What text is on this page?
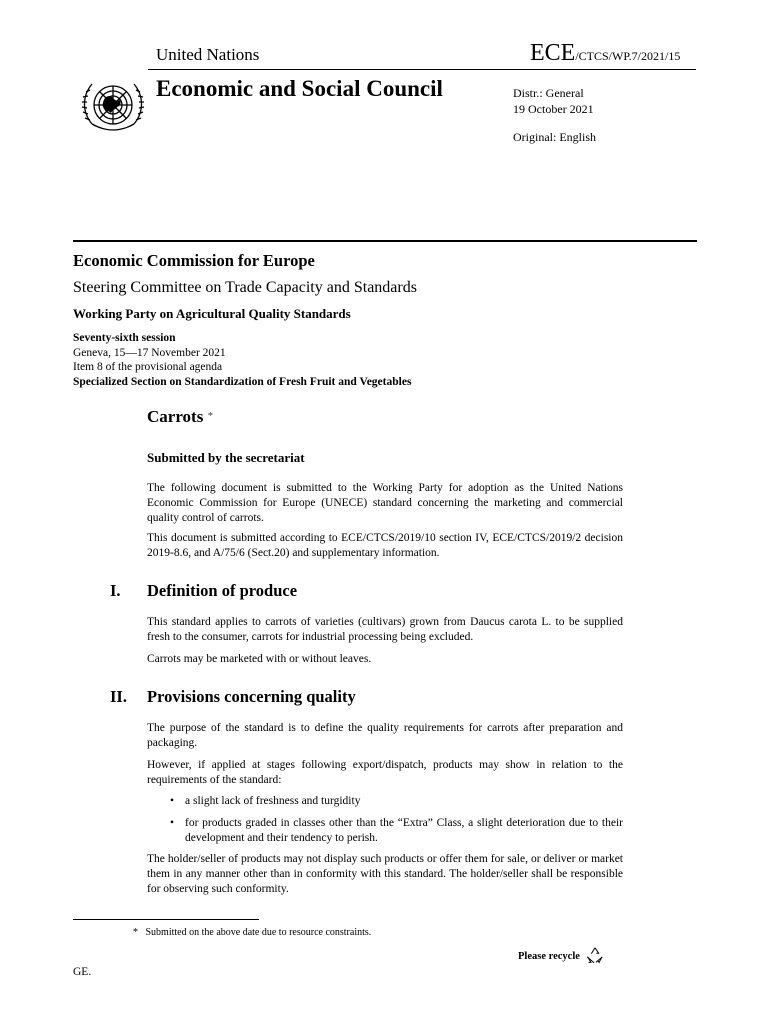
United Nations	ECE/CTCS/WP.7/2021/15
Economic and Social Council	Distr.: General
19 October 2021
Original: English
Economic Commission for Europe
Steering Committee on Trade Capacity and Standards
Working Party on Agricultural Quality Standards
Seventy-sixth session
Geneva, 15—17 November 2021
Item 8 of the provisional agenda
Specialized Section on Standardization of Fresh Fruit and Vegetables
Carrots *
Submitted by the secretariat
The following document is submitted to the Working Party for adoption as the United Nations Economic Commission for Europe (UNECE) standard concerning the marketing and commercial quality control of carrots.
This document is submitted according to ECE/CTCS/2019/10 section IV, ECE/CTCS/2019/2 decision 2019-8.6, and A/75/6 (Sect.20) and supplementary information.
I. Definition of produce
This standard applies to carrots of varieties (cultivars) grown from Daucus carota L. to be supplied fresh to the consumer, carrots for industrial processing being excluded.
Carrots may be marketed with or without leaves.
II. Provisions concerning quality
The purpose of the standard is to define the quality requirements for carrots after preparation and packaging.
However, if applied at stages following export/dispatch, products may show in relation to the requirements of the standard:
• a slight lack of freshness and turgidity
• for products graded in classes other than the “Extra” Class, a slight deterioration due to their development and their tendency to perish.
The holder/seller of products may not display such products or offer them for sale, or deliver or market them in any manner other than in conformity with this standard. The holder/seller shall be responsible for observing such conformity.
* Submitted on the above date due to resource constraints.
Please recycle
GE.
